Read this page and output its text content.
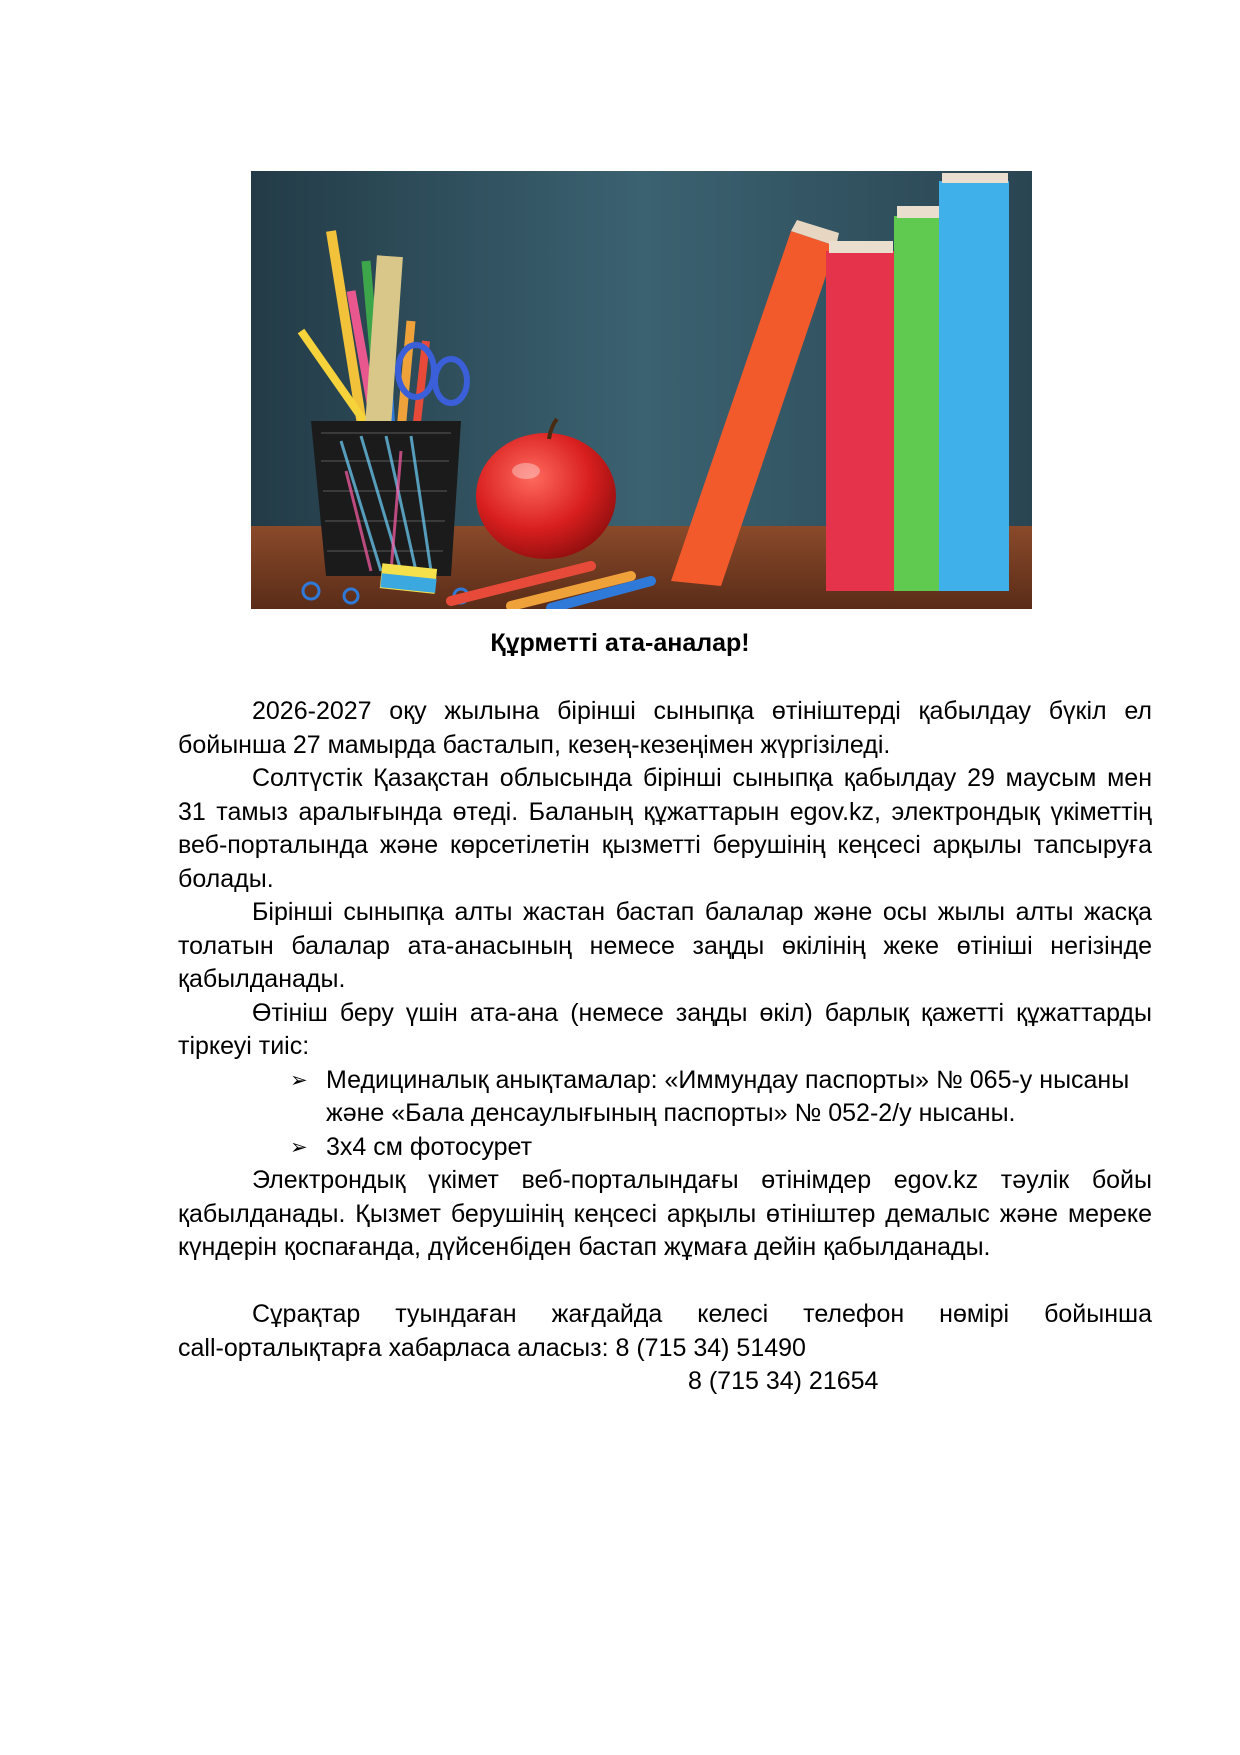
Құрметті ата-аналар!

2026-2027 оқу жылына бірінші сыныпқа өтініштерді қабылдау бүкіл ел бойынша 27 мамырда басталып, кезең-кезеңімен жүргізіледі.

Солтүстік Қазақстан облысында бірінші сыныпқа қабылдау 29 маусым мен 31 тамыз аралығында өтеді. Баланың құжаттарын egov.kz, электрондық үкіметтің веб-порталында және көрсетілетін қызметті берушінің кеңсесі арқылы тапсыруға болады.

Бірінші сыныпқа алты жастан бастап балалар және осы жылы алты жасқа толатын балалар ата-анасының немесе заңды өкілінің жеке өтініші негізінде қабылданады.

Өтініш беру үшін ата-ана (немесе заңды өкіл) барлық қажетті құжаттарды тіркеуі тиіс:

➢ Медициналық анықтамалар: «Иммундау паспорты» № 065-у нысаны және «Бала денсаулығының паспорты» № 052-2/у нысаны.
➢ 3х4 см фотосурет

Электрондық үкімет веб-порталындағы өтінімдер egov.kz тәулік бойы қабылданады. Қызмет берушінің кеңсесі арқылы өтініштер демалыс және мереке күндерін қоспағанда, дүйсенбіден бастап жұмаға дейін қабылданады.

Сұрақтар туындаған жағдайда келесі телефон нөмірі бойынша

call-орталықтарға хабарласа аласыз: 8 (715 34) 51490
8 (715 34) 21654
